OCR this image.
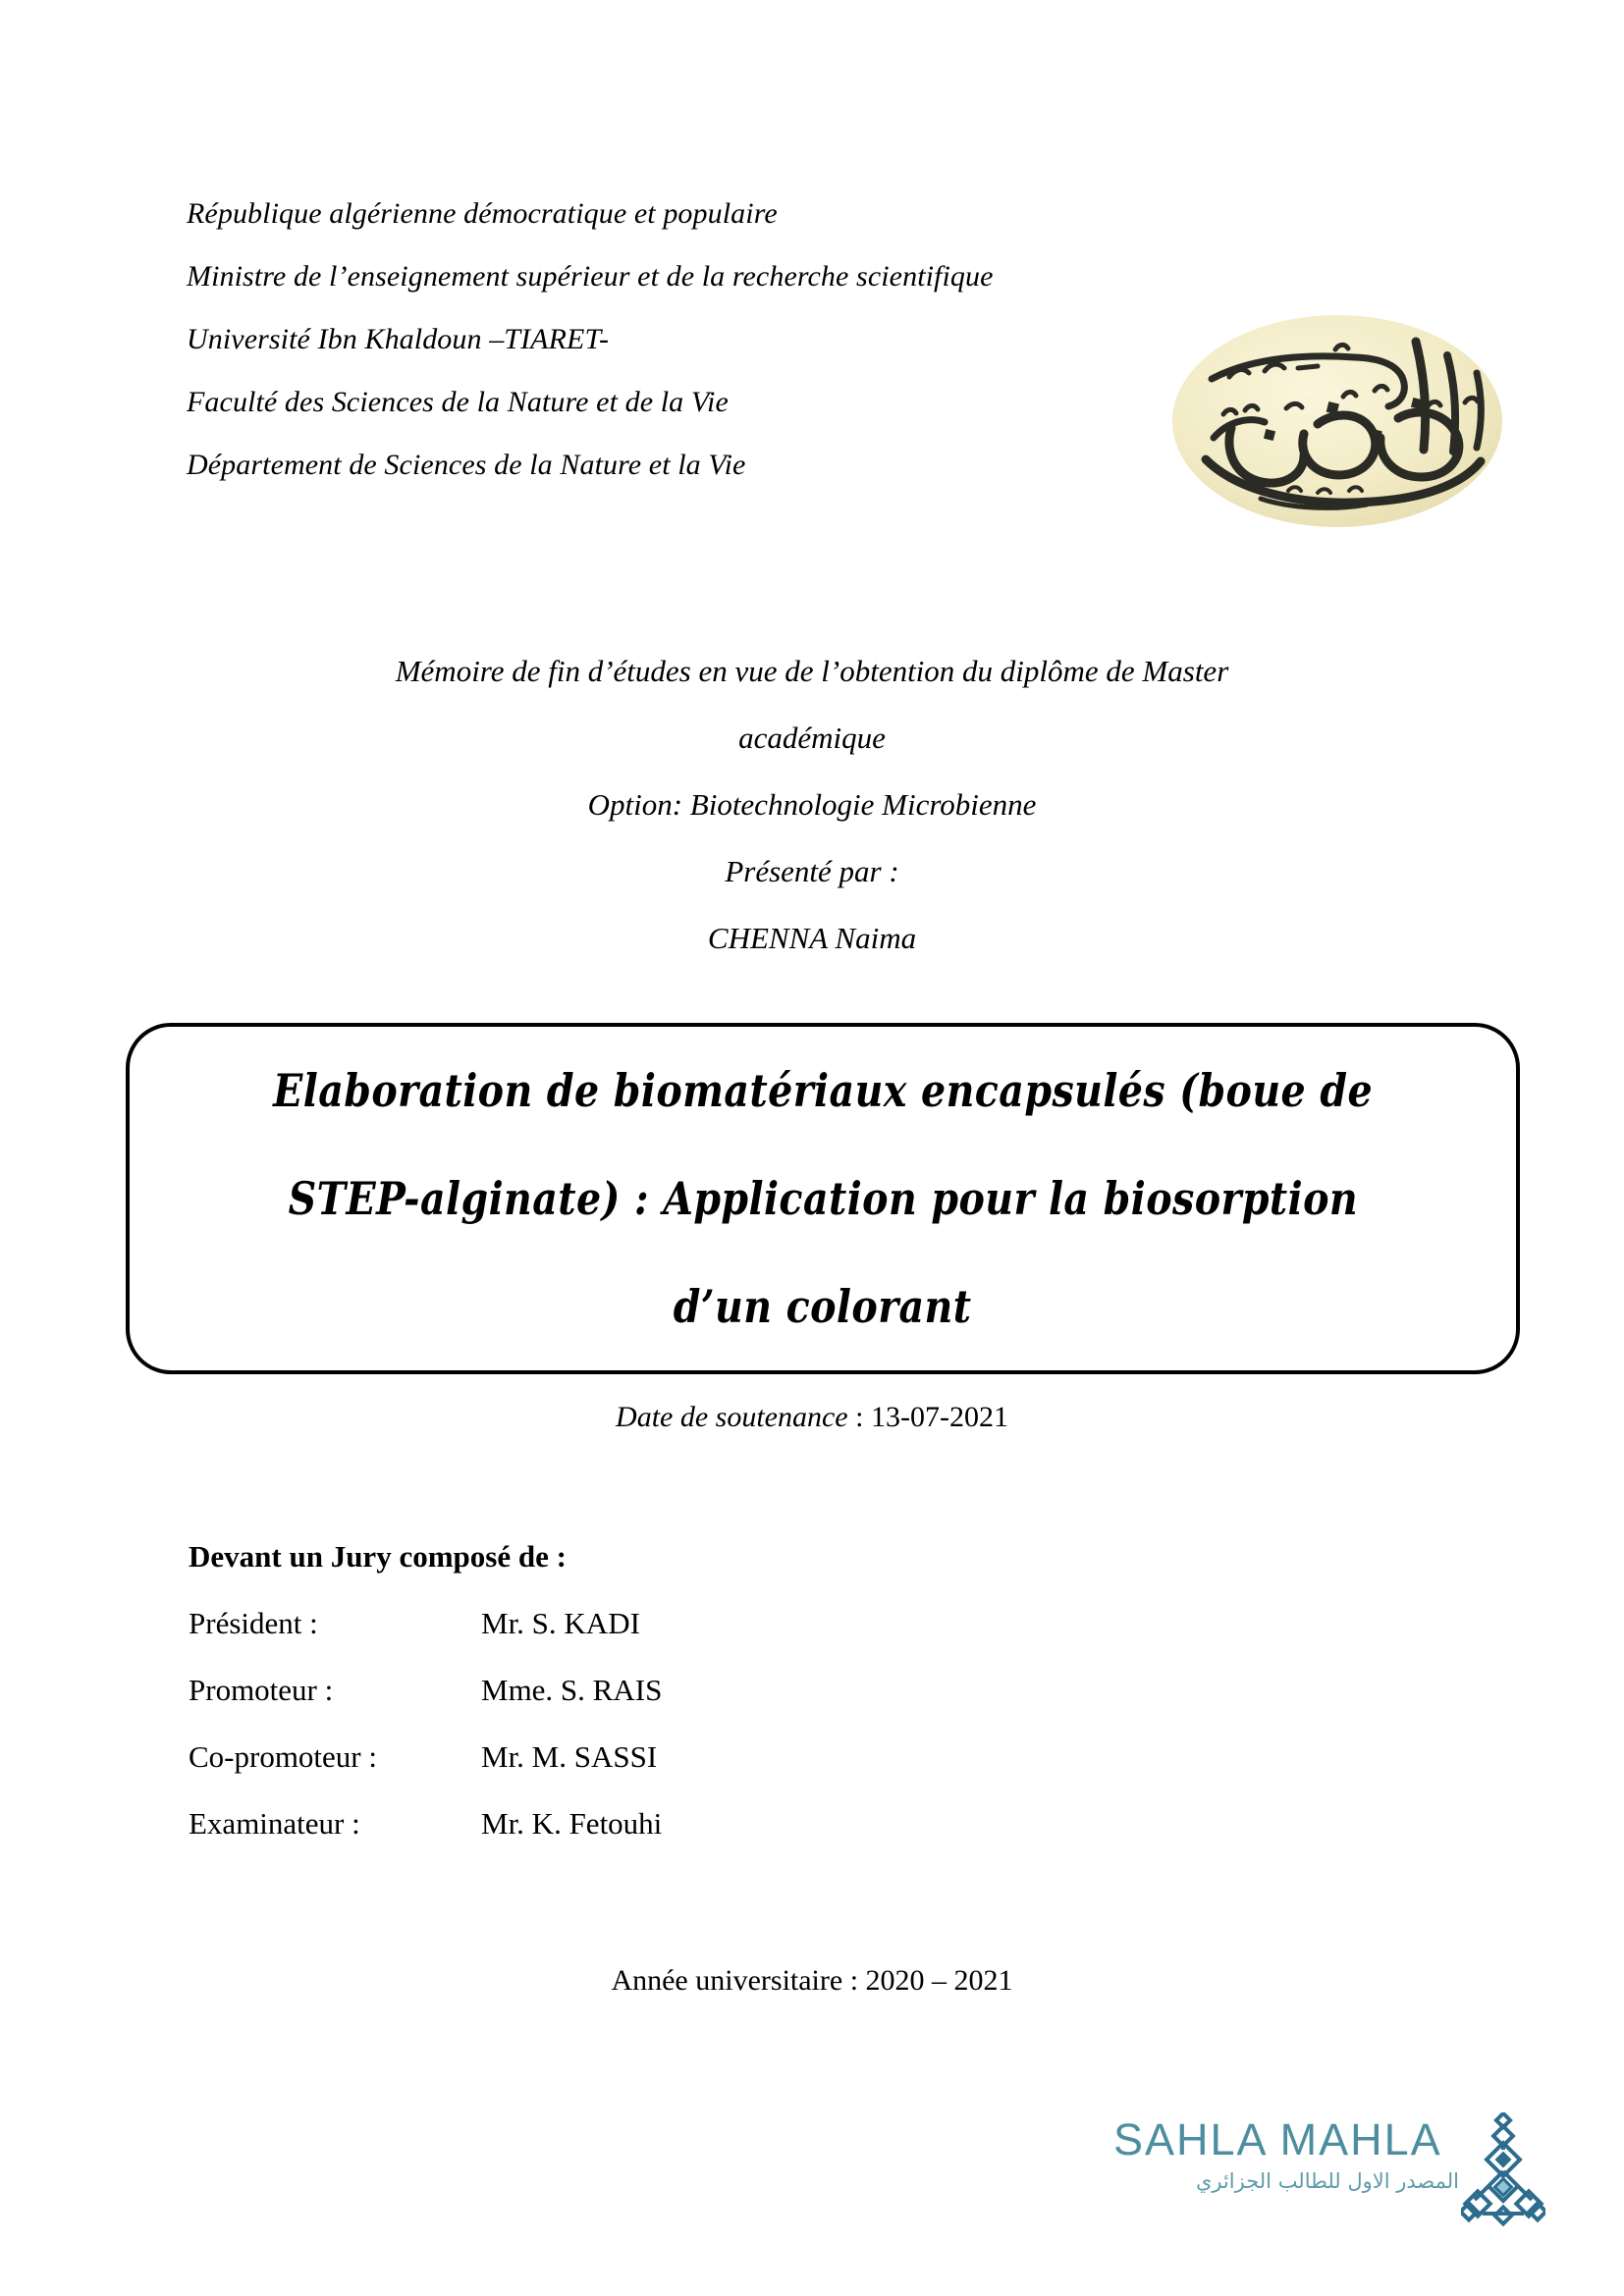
République algérienne démocratique et populaire
Ministre de l’enseignement supérieur et de la recherche scientifique
Université Ibn Khaldoun –TIARET-
Faculté des Sciences de la Nature et de la Vie
Département de Sciences de la Nature et la Vie
Mémoire de fin d’études en vue de l’obtention du diplôme de Master
académique
Option: Biotechnologie Microbienne
Présenté par :
CHENNA Naima
Elaboration de biomatériaux encapsulés (boue de
STEP-alginate) : Application pour la biosorption
d’un colorant
Date de soutenance : 13-07-2021
Devant un Jury composé de :
Président :	Mr. S. KADI
Promoteur :	Mme. S. RAIS
Co-promoteur :	Mr. M. SASSI
Examinateur :	Mr. K. Fetouhi
Année universitaire : 2020 – 2021
SAHLA MAHLA
المصدر الاول للطالب الجزائري
